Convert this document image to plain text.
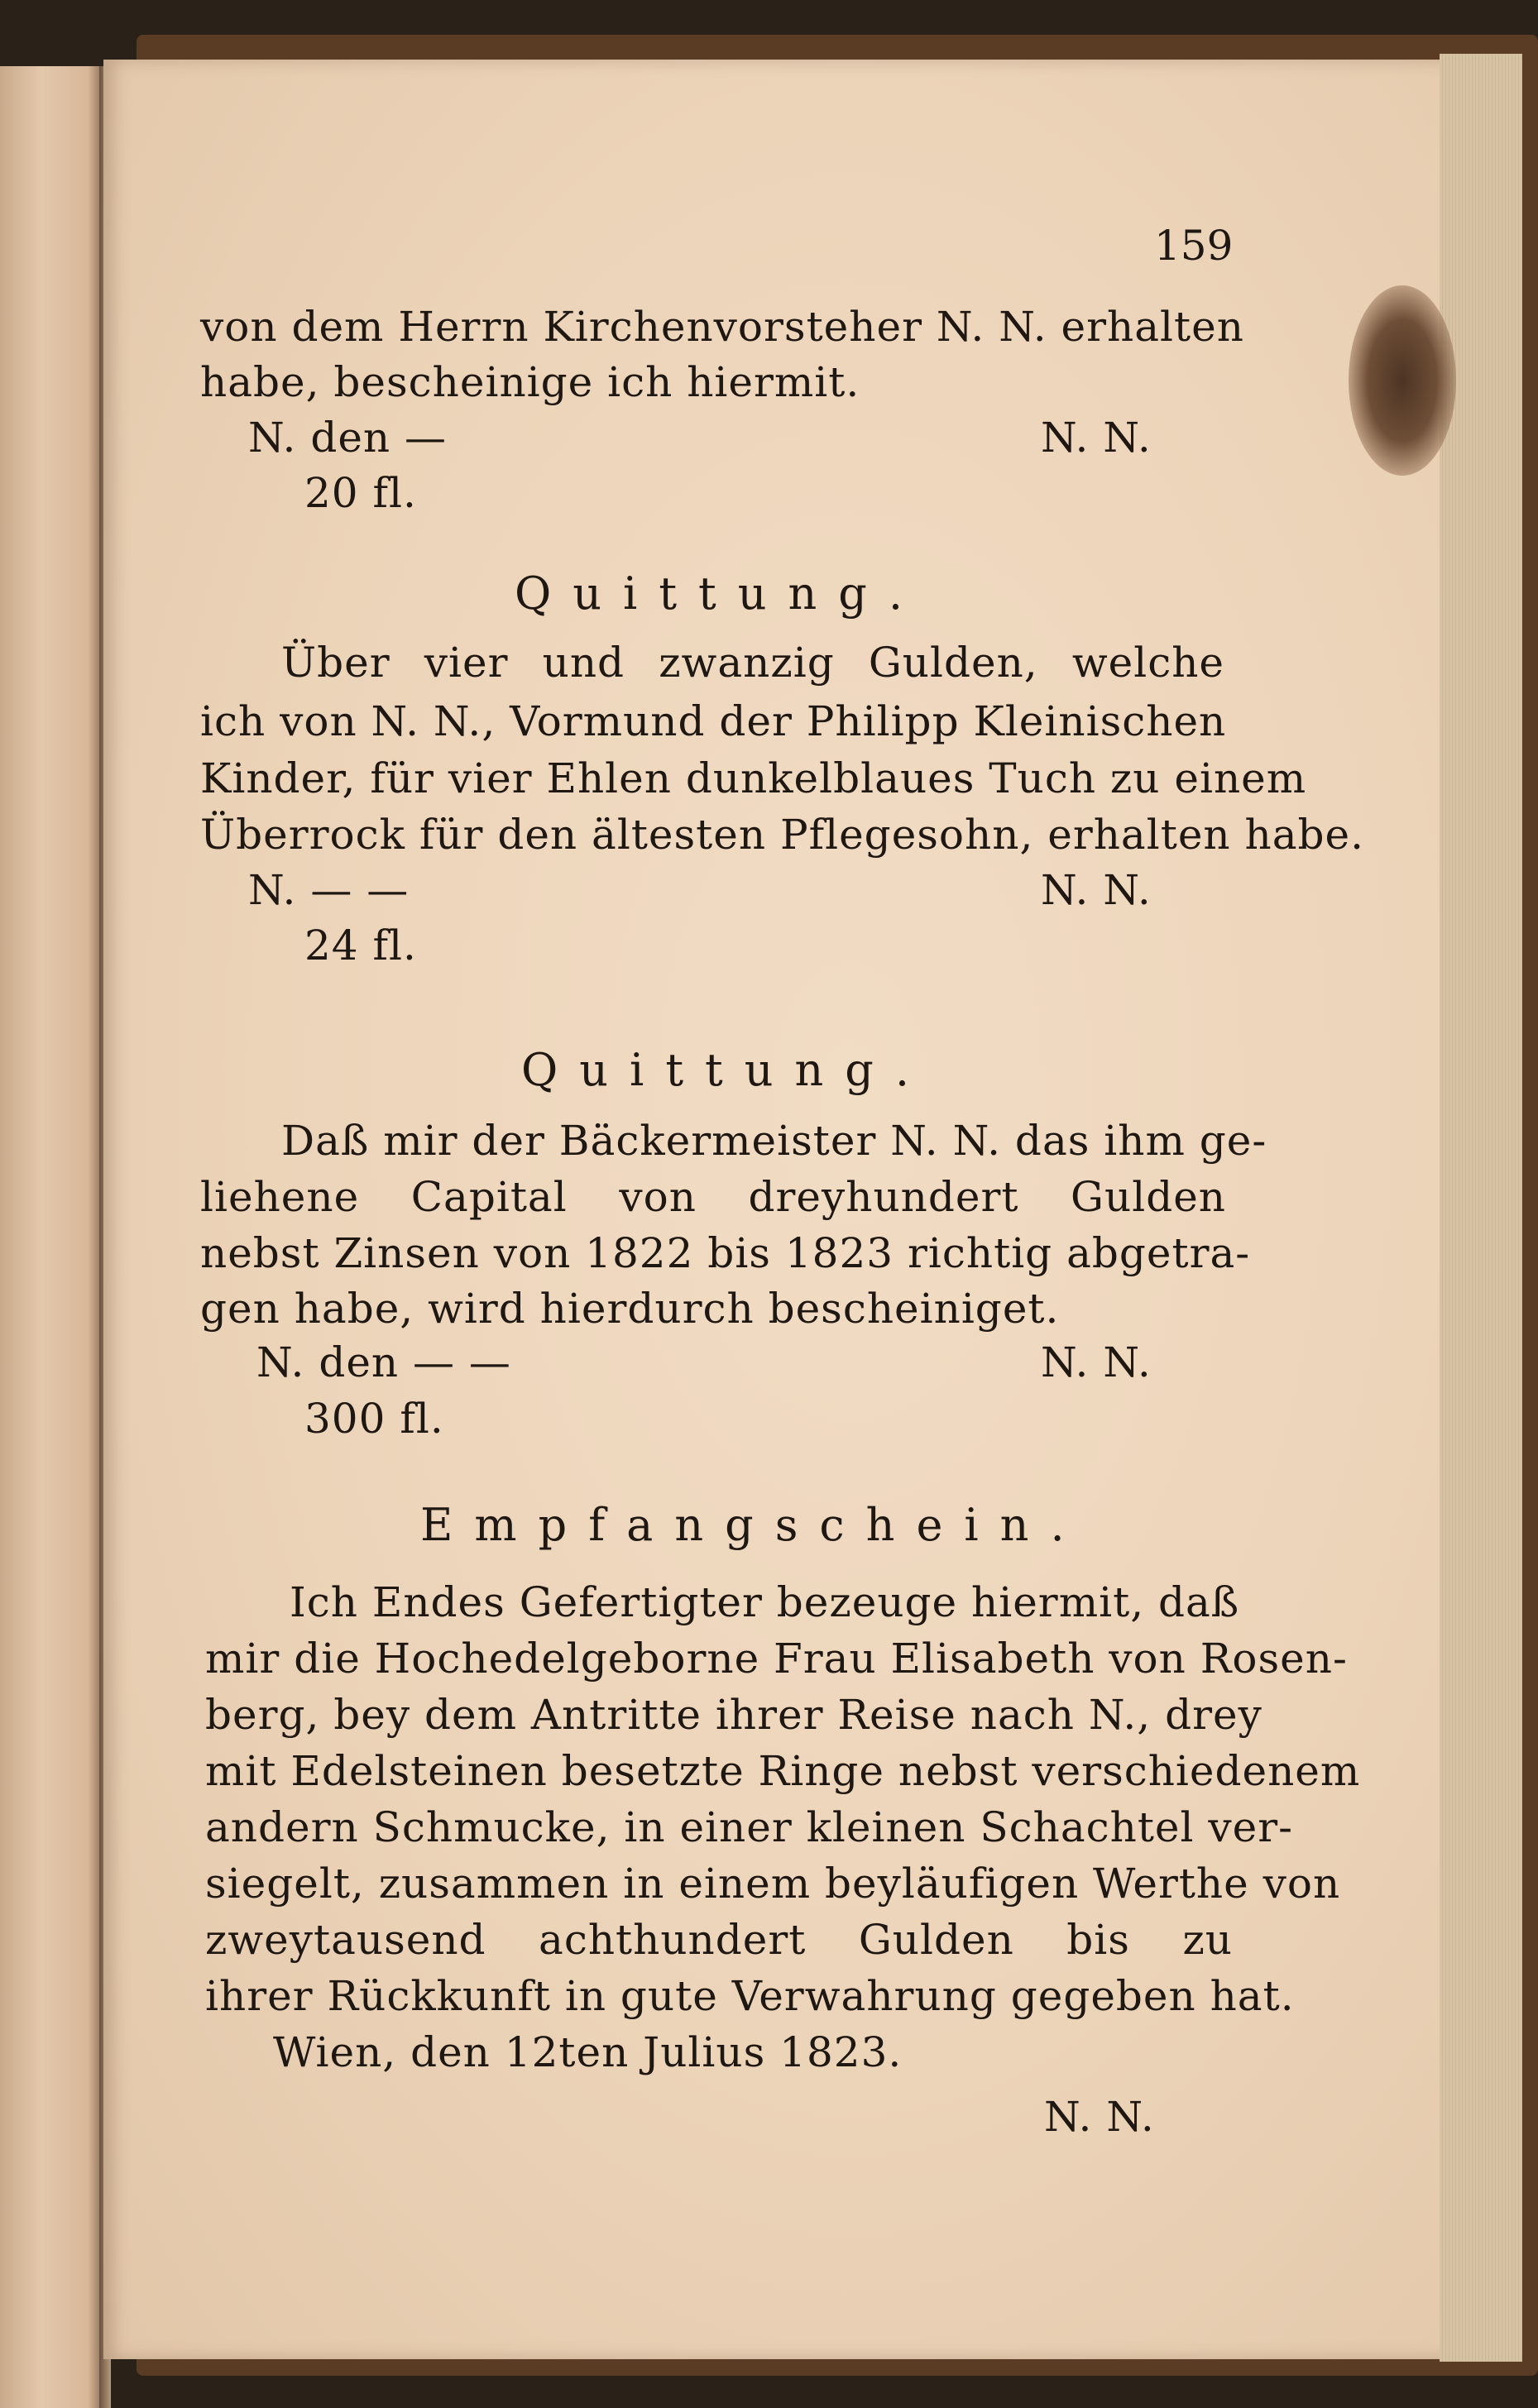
159
von dem Herrn Kirchenvorsteher N. N. erhalten
habe, bescheinige ich hiermit.
N. den —	N. N.
20 fl.
Quittung.
Über vier und zwanzig Gulden, welche
ich von N. N., Vormund der Philipp Kleinischen
Kinder, für vier Ehlen dunkelblaues Tuch zu einem
Überrock für den ältesten Pflegesohn, erhalten habe.
N. — —	N. N.
24 fl.
Quittung.
Daß mir der Bäckermeister N. N. das ihm ge-
liehene Capital von dreyhundert Gulden
nebst Zinsen von 1822 bis 1823 richtig abgetra-
gen habe, wird hierdurch bescheiniget.
N. den — —	N. N.
300 fl.
Empfangschein.
Ich Endes Gefertigter bezeuge hiermit, daß
mir die Hochedelgeborne Frau Elisabeth von Rosen-
berg, bey dem Antritte ihrer Reise nach N., drey
mit Edelsteinen besetzte Ringe nebst verschiedenem
andern Schmucke, in einer kleinen Schachtel ver-
siegelt, zusammen in einem beyläufigen Werthe von
zweytausend achthundert Gulden bis zu
ihrer Rückkunft in gute Verwahrung gegeben hat.
Wien, den 12ten Julius 1823.
N. N.
